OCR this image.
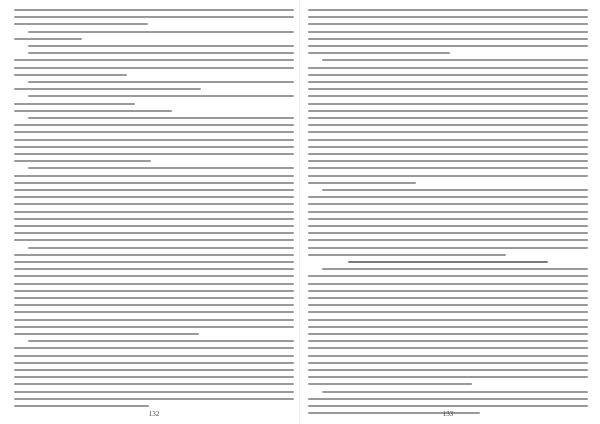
132	133
